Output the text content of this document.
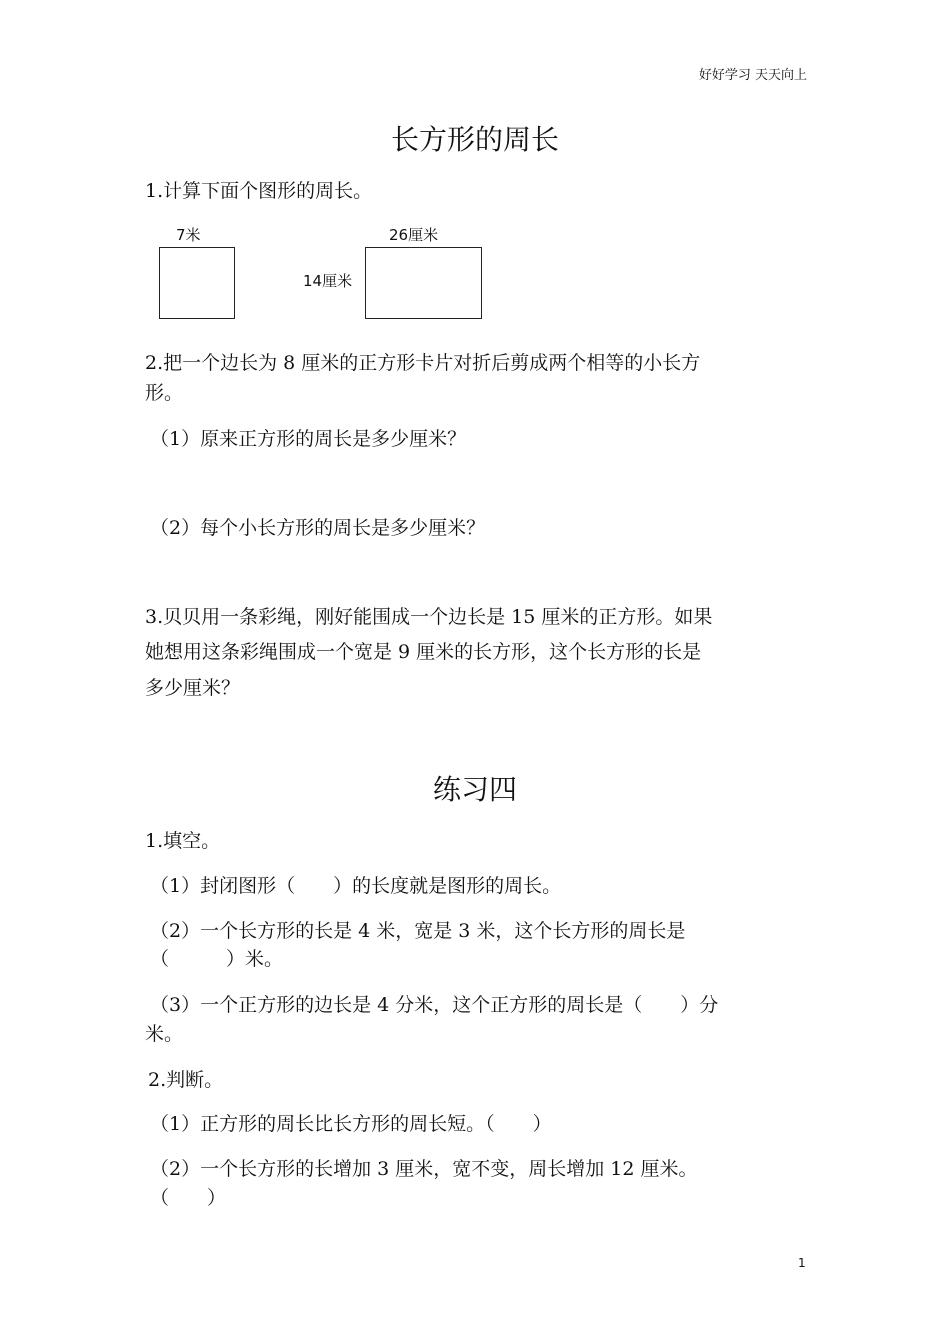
好好学习 天天向上
长方形的周长
1.计算下面个图形的周长。
7米	26厘米
14厘米
2.把一个边长为 8 厘米的正方形卡片对折后剪成两个相等的小长方
形。
（1）原来正方形的周长是多少厘米？
（2）每个小长方形的周长是多少厘米？
3.贝贝用一条彩绳，刚好能围成一个边长是 15 厘米的正方形。如果
她想用这条彩绳围成一个宽是 9 厘米的长方形，这个长方形的长是
多少厘米？
练习四
1.填空。
（1）封闭图形（　　）的长度就是图形的周长。
（2）一个长方形的长是 4 米，宽是 3 米，这个长方形的周长是
（　　　）米。
（3）一个正方形的边长是 4 分米，这个正方形的周长是（　　）分
米。
2.判断。
（1）正方形的周长比长方形的周长短。（　　）
（2）一个长方形的长增加 3 厘米，宽不变，周长增加 12 厘米。
（　　）
1
